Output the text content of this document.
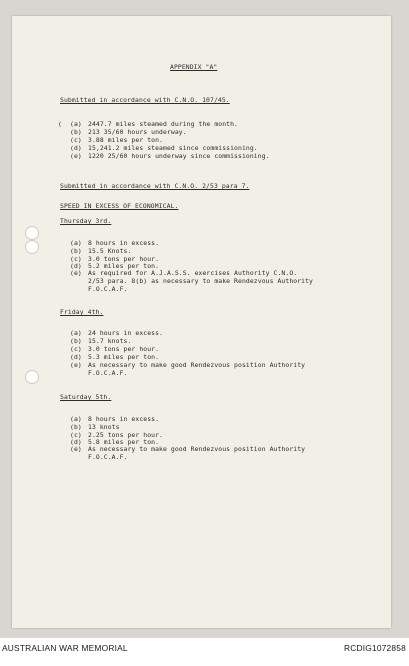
APPENDIX "A"
Submitted in accordance with C.N.O. 107/45.
( (a) 2447.7 miles steamed during the month.
(b) 213 35/60 hours underway.
(c) 3.88 miles per ton.
(d) 15,241.2 miles steamed since commissioning.
(e) 1220 25/60 hours underway since commissioning.
Submitted in accordance with C.N.O. 2/53 para 7.
SPEED IN EXCESS OF ECONOMICAL.
Thursday 3rd.
(a) 8 hours in excess.
(b) 15.5 Knots.
(c) 3.0 tons per hour.
(d) 5.2 miles per ton.
(e) As required for A.J.A.S.S. exercises Authority C.N.O.
2/53 para. 8(b) as necessary to make Rendezvous Authority
F.O.C.A.F.
Friday 4th.
(a) 24 hours in excess.
(b) 15.7 knots.
(c) 3.0 tons per hour.
(d) 5.3 miles per ton.
(e) As necessary to make good Rendezvous position Authority
F.O.C.A.F.
Saturday 5th.
(a) 8 hours in excess.
(b) 13 knots
(c) 2.25 tons per hour.
(d) 5.8 miles per ton.
(e) As necessary to make good Rendezvous position Authority
F.O.C.A.F.
AUSTRALIAN WAR MEMORIAL	RCDIG1072858
